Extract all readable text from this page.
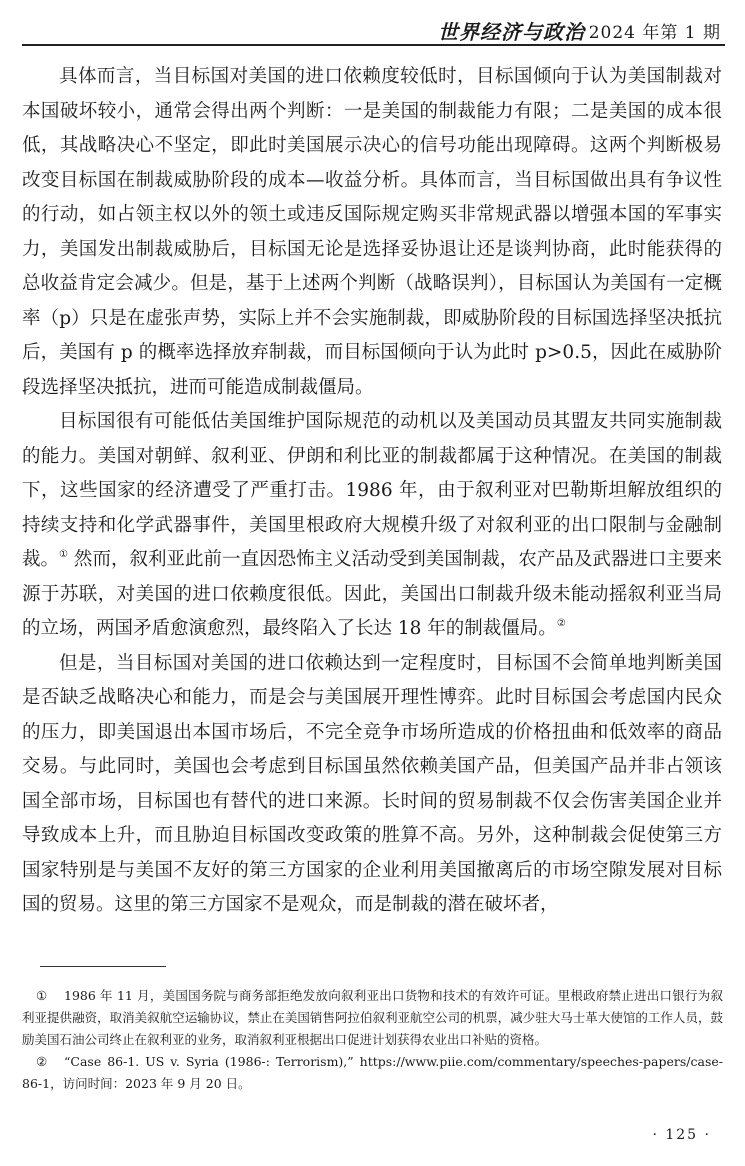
世界经济与政治 2024 年第 1 期

具体而言，当目标国对美国的进口依赖度较低时，目标国倾向于认为美国制裁对本国破坏较小，通常会得出两个判断：一是美国的制裁能力有限；二是美国的成本很低，其战略决心不坚定，即此时美国展示决心的信号功能出现障碍。这两个判断极易改变目标国在制裁威胁阶段的成本—收益分析。具体而言，当目标国做出具有争议性的行动，如占领主权以外的领土或违反国际规定购买非常规武器以增强本国的军事实力，美国发出制裁威胁后，目标国无论是选择妥协退让还是谈判协商，此时能获得的总收益肯定会减少。但是，基于上述两个判断（战略误判），目标国认为美国有一定概率（p）只是在虚张声势，实际上并不会实施制裁，即威胁阶段的目标国选择坚决抵抗后，美国有 p 的概率选择放弃制裁，而目标国倾向于认为此时 p>0.5，因此在威胁阶段选择坚决抵抗，进而可能造成制裁僵局。

目标国很有可能低估美国维护国际规范的动机以及美国动员其盟友共同实施制裁的能力。美国对朝鲜、叙利亚、伊朗和利比亚的制裁都属于这种情况。在美国的制裁下，这些国家的经济遭受了严重打击。1986 年，由于叙利亚对巴勒斯坦解放组织的持续支持和化学武器事件，美国里根政府大规模升级了对叙利亚的出口限制与金融制裁。① 然而，叙利亚此前一直因恐怖主义活动受到美国制裁，农产品及武器进口主要来源于苏联，对美国的进口依赖度很低。因此，美国出口制裁升级未能动摇叙利亚当局的立场，两国矛盾愈演愈烈，最终陷入了长达 18 年的制裁僵局。②

但是，当目标国对美国的进口依赖达到一定程度时，目标国不会简单地判断美国是否缺乏战略决心和能力，而是会与美国展开理性博弈。此时目标国会考虑国内民众的压力，即美国退出本国市场后，不完全竞争市场所造成的价格扭曲和低效率的商品交易。与此同时，美国也会考虑到目标国虽然依赖美国产品，但美国产品并非占领该国全部市场，目标国也有替代的进口来源。长时间的贸易制裁不仅会伤害美国企业并导致成本上升，而且胁迫目标国改变政策的胜算不高。另外，这种制裁会促使第三方国家特别是与美国不友好的第三方国家的企业利用美国撤离后的市场空隙发展对目标国的贸易。这里的第三方国家不是观众，而是制裁的潜在破坏者，

① 1986 年 11 月，美国国务院与商务部拒绝发放向叙利亚出口货物和技术的有效许可证。里根政府禁止进出口银行为叙利亚提供融资，取消美叙航空运输协议，禁止在美国销售阿拉伯叙利亚航空公司的机票，减少驻大马士革大使馆的工作人员，鼓励美国石油公司终止在叙利亚的业务，取消叙利亚根据出口促进计划获得农业出口补贴的资格。

② “Case 86-1. US v. Syria (1986-: Terrorism),” https://www.piie.com/commentary/speeches-papers/case-86-1，访问时间：2023 年 9 月 20 日。

· 125 ·
